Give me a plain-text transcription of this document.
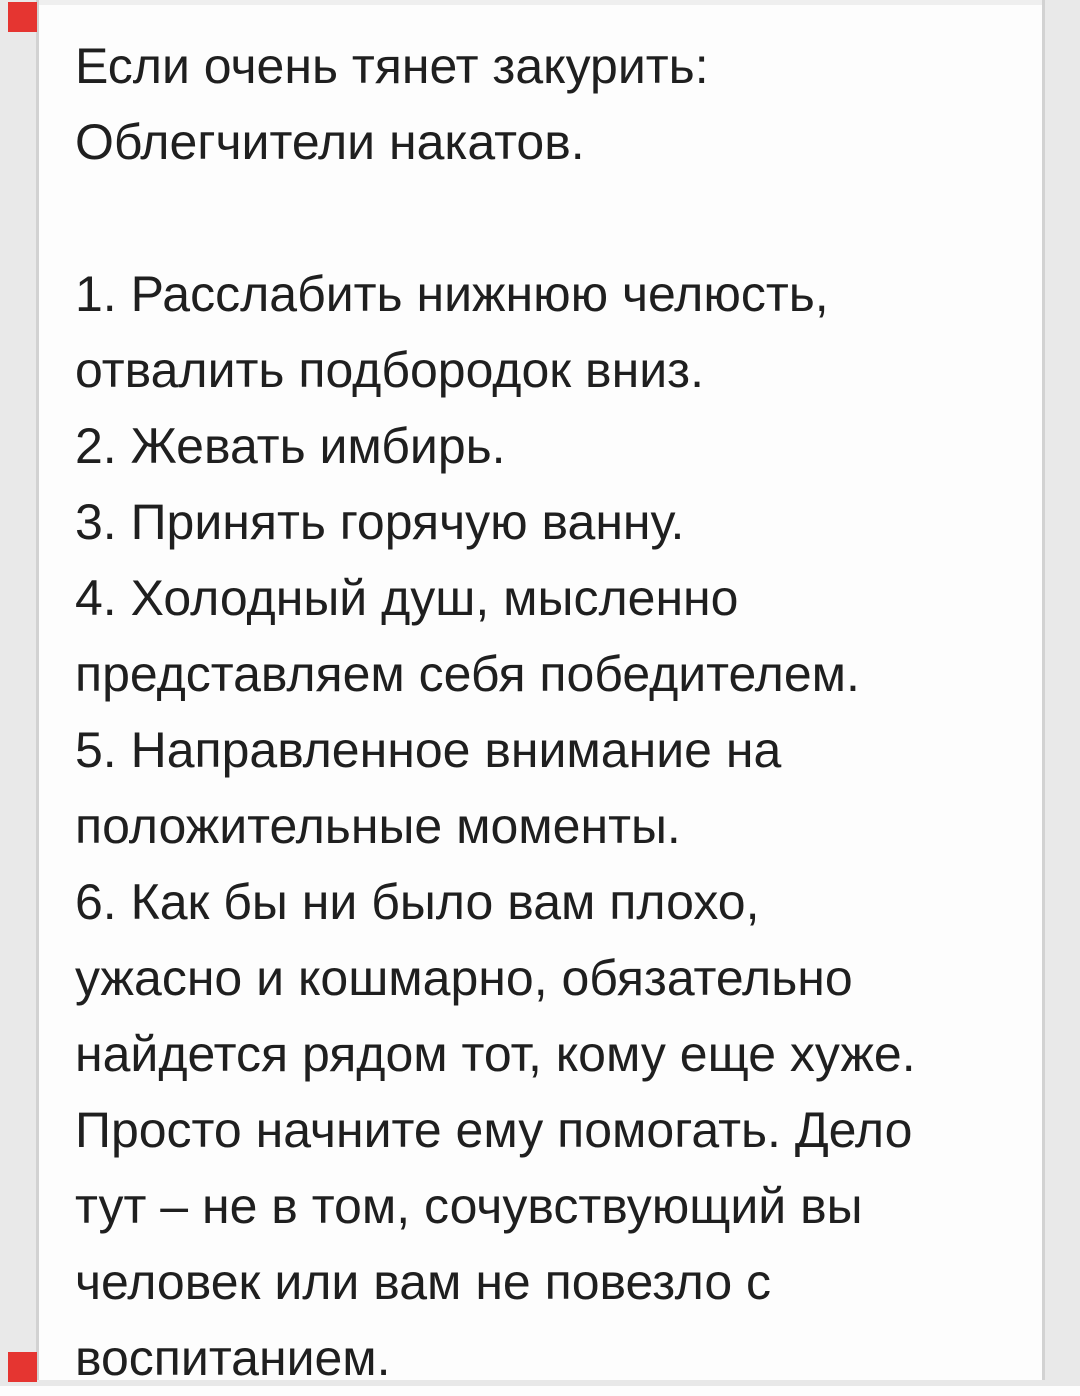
Если очень тянет закурить:
Облегчители накатов.
1. Расслабить нижнюю челюсть,
отвалить подбородок вниз.
2. Жевать имбирь.
3. Принять горячую ванну.
4. Холодный душ, мысленно
представляем себя победителем.
5. Направленное внимание на
положительные моменты.
6. Как бы ни было вам плохо,
ужасно и кошмарно, обязательно
найдется рядом тот, кому еще хуже.
Просто начните ему помогать. Дело
тут – не в том, сочувствующий вы
человек или вам не повезло с
воспитанием.
